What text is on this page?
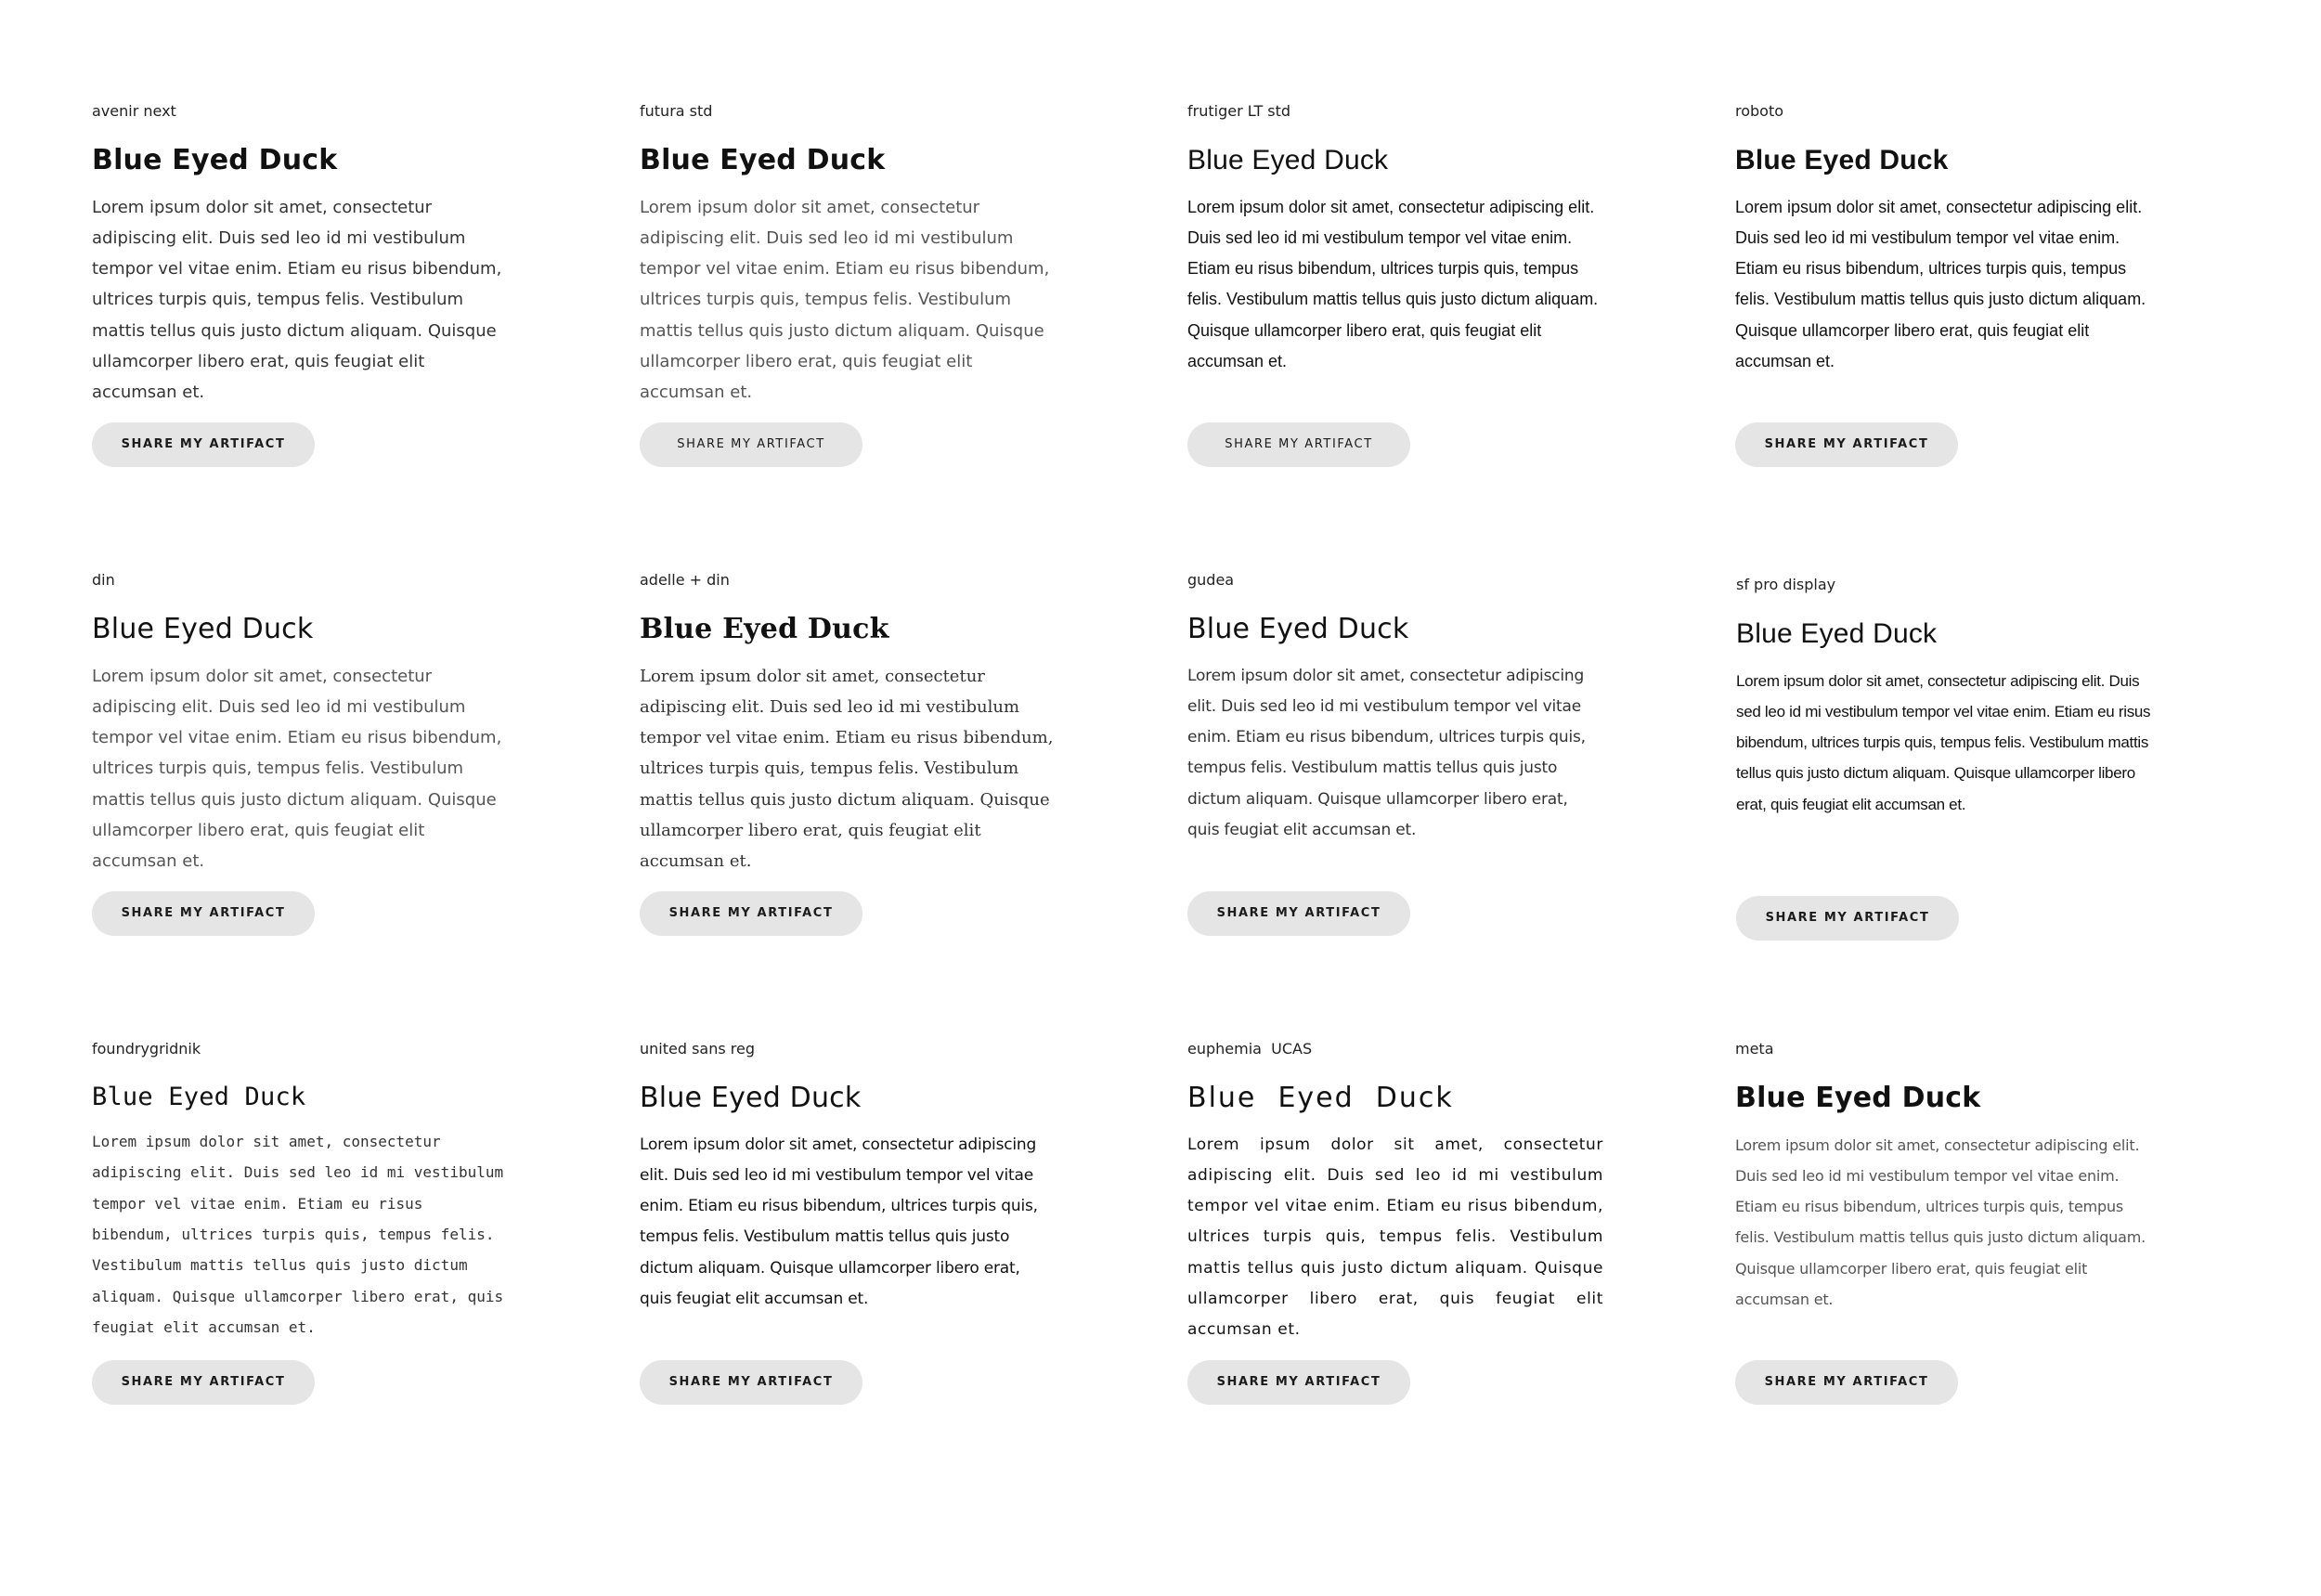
avenir next

Blue Eyed Duck

Lorem ipsum dolor sit amet, consectetur adipiscing elit. Duis sed leo id mi vestibulum tempor vel vitae enim. Etiam eu risus bibendum, ultrices turpis quis, tempus felis. Vestibulum mattis tellus quis justo dictum aliquam. Quisque ullamcorper libero erat, quis feugiat elit accumsan et.

SHARE MY ARTIFACT

futura std

Blue Eyed Duck

Lorem ipsum dolor sit amet, consectetur adipiscing elit. Duis sed leo id mi vestibulum tempor vel vitae enim. Etiam eu risus bibendum, ultrices turpis quis, tempus felis. Vestibulum mattis tellus quis justo dictum aliquam. Quisque ullamcorper libero erat, quis feugiat elit accumsan et.

SHARE MY ARTIFACT

frutiger LT std

Blue Eyed Duck

Lorem ipsum dolor sit amet, consectetur adipiscing elit. Duis sed leo id mi vestibulum tempor vel vitae enim. Etiam eu risus bibendum, ultrices turpis quis, tempus felis. Vestibulum mattis tellus quis justo dictum aliquam. Quisque ullamcorper libero erat, quis feugiat elit accumsan et.

SHARE MY ARTIFACT

roboto

Blue Eyed Duck

Lorem ipsum dolor sit amet, consectetur adipiscing elit. Duis sed leo id mi vestibulum tempor vel vitae enim. Etiam eu risus bibendum, ultrices turpis quis, tempus felis. Vestibulum mattis tellus quis justo dictum aliquam. Quisque ullamcorper libero erat, quis feugiat elit accumsan et.

SHARE MY ARTIFACT

din

Blue Eyed Duck

Lorem ipsum dolor sit amet, consectetur adipiscing elit. Duis sed leo id mi vestibulum tempor vel vitae enim. Etiam eu risus bibendum, ultrices turpis quis, tempus felis. Vestibulum mattis tellus quis justo dictum aliquam. Quisque ullamcorper libero erat, quis feugiat elit accumsan et.

SHARE MY ARTIFACT

adelle + din

Blue Eyed Duck

Lorem ipsum dolor sit amet, consectetur adipiscing elit. Duis sed leo id mi vestibulum tempor vel vitae enim. Etiam eu risus bibendum, ultrices turpis quis, tempus felis. Vestibulum mattis tellus quis justo dictum aliquam. Quisque ullamcorper libero erat, quis feugiat elit accumsan et.

SHARE MY ARTIFACT

gudea

Blue Eyed Duck

Lorem ipsum dolor sit amet, consectetur adipiscing elit. Duis sed leo id mi vestibulum tempor vel vitae enim. Etiam eu risus bibendum, ultrices turpis quis, tempus felis. Vestibulum mattis tellus quis justo dictum aliquam. Quisque ullamcorper libero erat, quis feugiat elit accumsan et.

SHARE MY ARTIFACT

sf pro display

Blue Eyed Duck

Lorem ipsum dolor sit amet, consectetur adipiscing elit. Duis sed leo id mi vestibulum tempor vel vitae enim. Etiam eu risus bibendum, ultrices turpis quis, tempus felis. Vestibulum mattis tellus quis justo dictum aliquam. Quisque ullamcorper libero erat, quis feugiat elit accumsan et.

SHARE MY ARTIFACT

foundrygridnik

Blue Eyed Duck

Lorem ipsum dolor sit amet, consectetur adipiscing elit. Duis sed leo id mi vestibulum tempor vel vitae enim. Etiam eu risus bibendum, ultrices turpis quis, tempus felis. Vestibulum mattis tellus quis justo dictum aliquam. Quisque ullamcorper libero erat, quis feugiat elit accumsan et.

SHARE MY ARTIFACT

united sans reg

Blue Eyed Duck

Lorem ipsum dolor sit amet, consectetur adipiscing elit. Duis sed leo id mi vestibulum tempor vel vitae enim. Etiam eu risus bibendum, ultrices turpis quis, tempus felis. Vestibulum mattis tellus quis justo dictum aliquam. Quisque ullamcorper libero erat, quis feugiat elit accumsan et.

SHARE MY ARTIFACT

euphemia  UCAS

Blue  Eyed  Duck

Lorem ipsum dolor sit amet, consectetur adipiscing elit. Duis sed leo id mi vestibulum tempor vel vitae enim. Etiam eu risus bibendum, ultrices turpis quis, tempus felis. Vestibulum mattis tellus quis justo dictum aliquam. Quisque ullamcorper libero erat, quis feugiat elit accumsan et.

SHARE MY ARTIFACT

meta

Blue Eyed Duck

Lorem ipsum dolor sit amet, consectetur adipiscing elit. Duis sed leo id mi vestibulum tempor vel vitae enim. Etiam eu risus bibendum, ultrices turpis quis, tempus felis. Vestibulum mattis tellus quis justo dictum aliquam. Quisque ullamcorper libero erat, quis feugiat elit accumsan et.

SHARE MY ARTIFACT
